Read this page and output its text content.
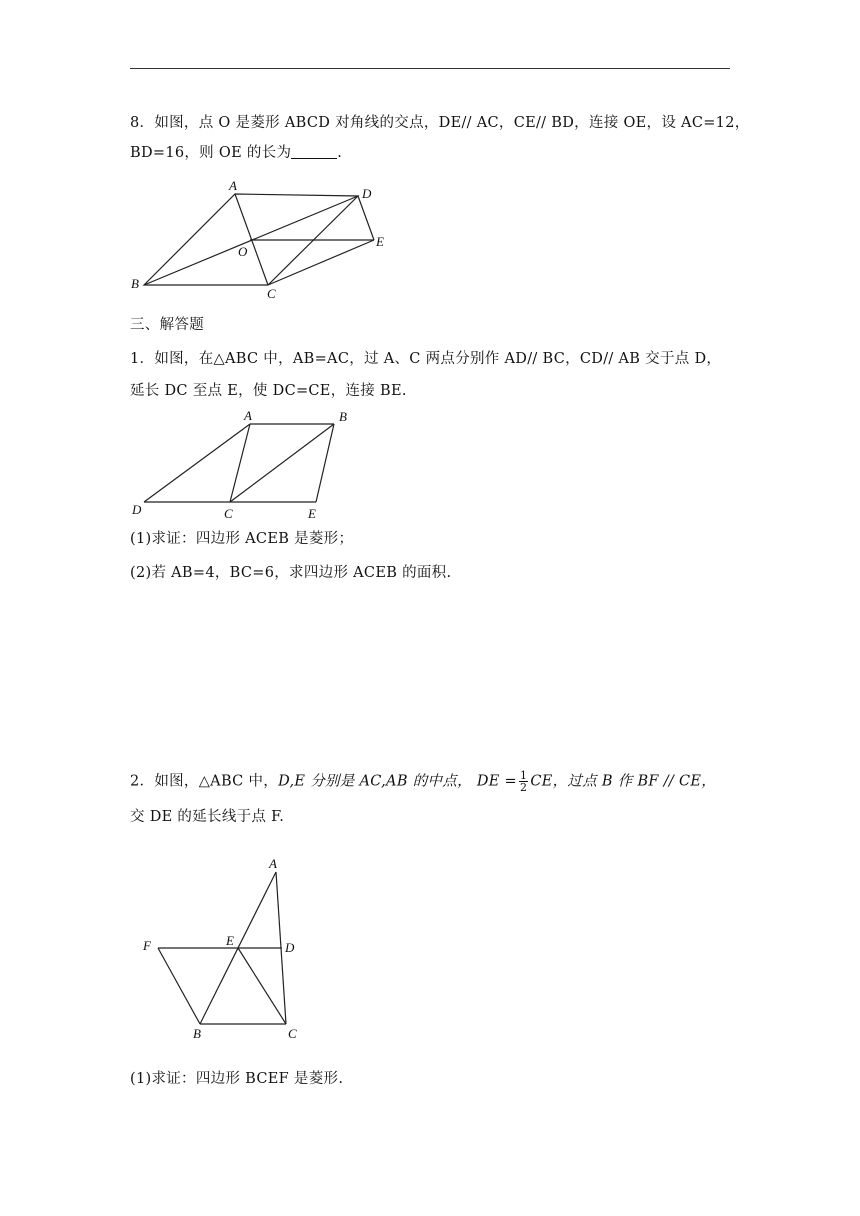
8．如图，点 O 是菱形 ABCD 对角线的交点，DE// AC，CE// BD，连接 OE，设 AC=12，
BD=16，则 OE 的长为	.
A
B
C
D
E
O
三、解答题
1．如图，在△ABC 中，AB=AC，过 A、C 两点分别作 AD// BC，CD// AB 交于点 D，
延长 DC 至点 E，使 DC=CE，连接 BE.
A	B
C
D	E
(1)求证：四边形 ACEB 是菱形；
(2)若 AB=4，BC=6，求四边形 ACEB 的面积.
2．如图，△ABC 中，D,E 分别是 AC,AB 的中点， DE = $\frac{1}{2}$ CE，过点 B 作 BF // CE，
交 DE 的延长线于点 F.
A
B	C
D
E
F
(1)求证：四边形 BCEF 是菱形.
